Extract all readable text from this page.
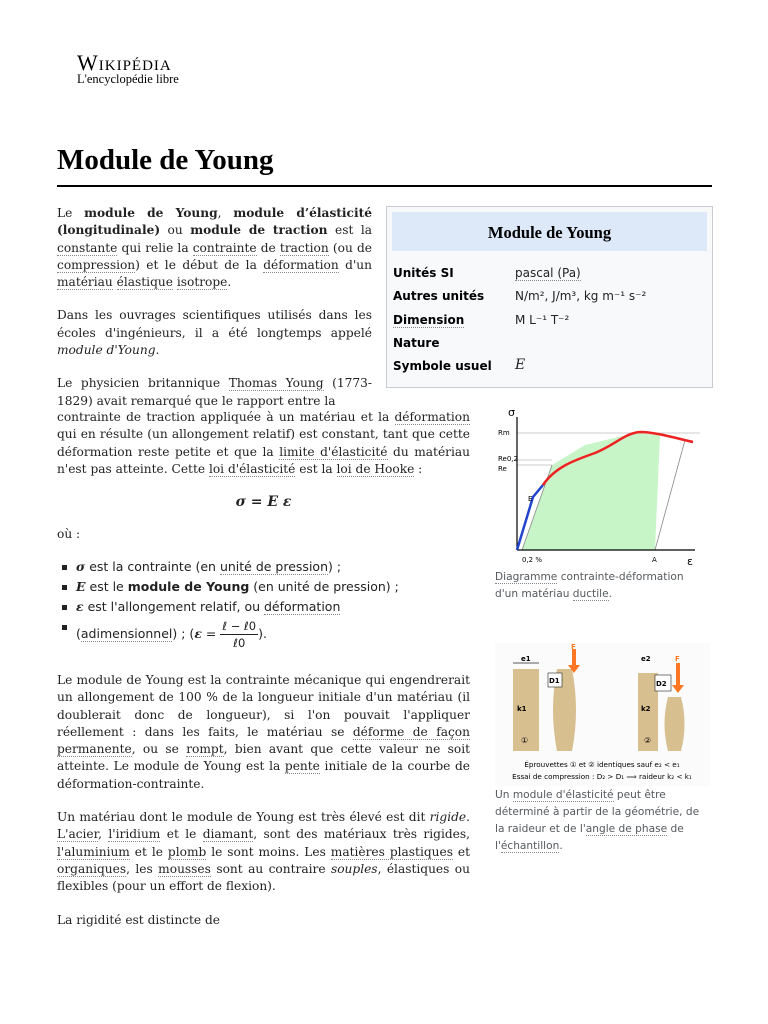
Wikipédia
L'encyclopédie libre
Module de Young

Le module de Young, module d’élasticité (longitudinale) ou module de traction est la constante qui relie la contrainte de traction (ou de compression) et le début de la déformation d'un matériau élastique isotrope.

Dans les ouvrages scientifiques utilisés dans les écoles d'ingénieurs, il a été longtemps appelé module d'Young.

Le physicien britannique Thomas Young (1773-1829) avait remarqué que le rapport entre la

contrainte de traction appliquée à un matériau et la déformation qui en résulte (un allongement relatif) est constant, tant que cette déformation reste petite et que la limite d'élasticité du matériau n'est pas atteinte. Cette loi d'élasticité est la loi de Hooke :

σ = E ε
où :
σ est la contrainte (en unité de pression) ;
E est le module de Young (en unité de pression) ;
ε est l'allongement relatif, ou déformation
(adimensionnel) ; (ε = ℓ − ℓ0
ℓ0
).

Le module de Young est la contrainte mécanique qui engendrerait un allongement de 100 % de la longueur initiale d'un matériau (il doublerait donc de longueur), si l'on pouvait l'appliquer réellement : dans les faits, le matériau se déforme de façon permanente, ou se rompt, bien avant que cette valeur ne soit atteinte. Le module de Young est la pente initiale de la courbe de déformation-contrainte.

Un matériau dont le module de Young est très élevé est dit rigide. L'acier, l'iridium et le diamant, sont des matériaux très rigides, l'aluminium et le plomb le sont moins. Les matières plastiques et organiques, les mousses sont au contraire souples, élastiques ou flexibles (pour un effort de flexion).

La rigidité est distincte de

Module de Young
Unités SI	pascal (Pa)
Autres unités	N/m², J/m³, kg m⁻¹ s⁻²
Dimension	M L⁻¹ T⁻²
Nature
Symbole usuel E
σ
Rm
Re0,2
Re
E
0,2 %	A	ε
Diagramme contrainte-déformation d'un matériau ductile.
e1
k1
①
F
D1
e2
k2
②
F
D2
Éprouvettes ① et ② identiques sauf e₂ < e₁
Essai de compression : D₂ > D₁ ⟹ raideur k₂ < k₁
Un module d'élasticité peut être déterminé à partir de la géométrie, de la raideur et de l'angle de phase de l'échantillon.
